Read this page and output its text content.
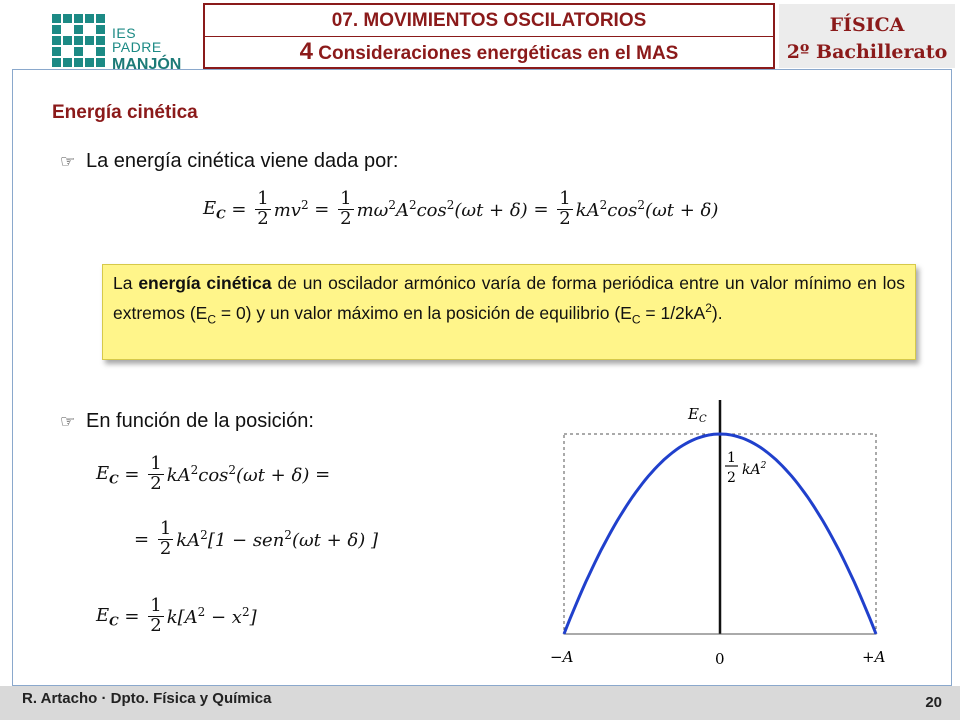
IES PADRE
MANJÓN
07. MOVIMIENTOS OSCILATORIOS
4 Consideraciones energéticas en el MAS
FÍSICA
2º Bachillerato
Energía cinética
☞ La energía cinética viene dada por:
$E_C = \frac{1}{2} mv^2 = \frac{1}{2} m\omega^2A^2\cos^2(\omega t + \delta) = \frac{1}{2} kA^2\cos^2(\omega t + \delta)$

La energía cinética de un oscilador armónico varía de forma periódica entre un valor mínimo en los extremos $(E_C = 0)$ y un valor máximo en la posición de equilibrio $(E_C = 1/2kA^2)$.

☞ En función de la posición:
$E_C = \frac{1}{2} kA^2\cos^2(\omega t + \delta)$ =
= $\frac{1}{2} kA^2[1 - sen^2(\omega t + \delta)$ ]
$E_C = \frac{1}{2} k[A^2 - x^2]$
$E_C$
1
2 $kA^2$
−A	0	+A
R. Artacho · Dpto. Física y Química	20
